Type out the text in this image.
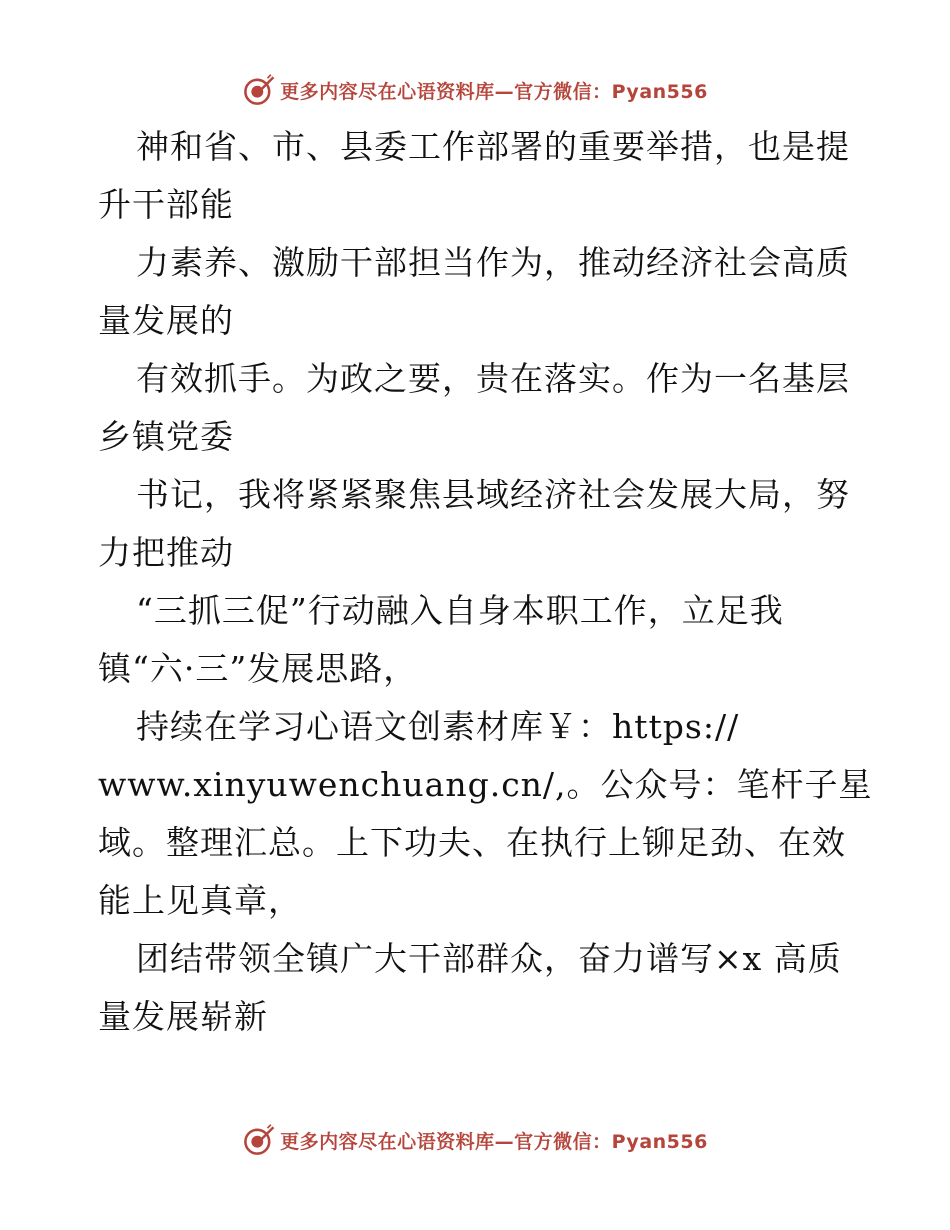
更多内容尽在心语资料库—官方微信：Pyan556
神和省、市、县委工作部署的重要举措，也是提
升干部能
力素养、激励干部担当作为，推动经济社会高质
量发展的
有效抓手。为政之要，贵在落实。作为一名基层
乡镇党委
书记，我将紧紧聚焦县域经济社会发展大局，努
力把推动
“三抓三促”行动融入自身本职工作，立足我
镇“六·三”发展思路，
持续在学习心语文创素材库￥：https://
www.xinyuwenchuang.cn/,。公众号：笔杆子星
域。整理汇总。上下功夫、在执行上铆足劲、在效
能上见真章，
团结带领全镇广大干部群众，奋力谱写×x 高质
量发展崭新
更多内容尽在心语资料库—官方微信：Pyan556
